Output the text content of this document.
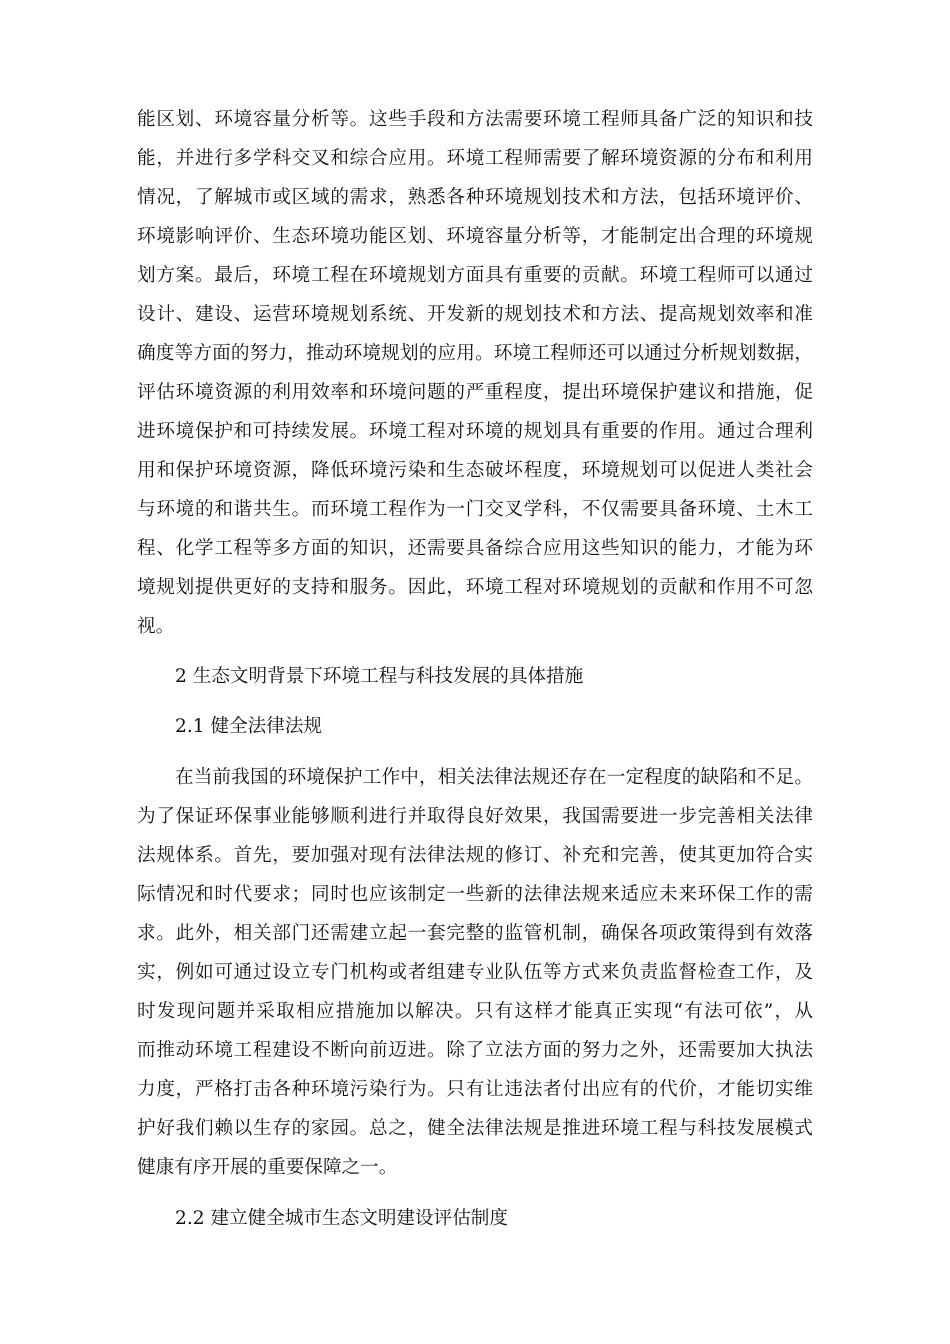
能区划、环境容量分析等。这些手段和方法需要环境工程师具备广泛的知识和技
能，并进行多学科交叉和综合应用。环境工程师需要了解环境资源的分布和利用
情况，了解城市或区域的需求，熟悉各种环境规划技术和方法，包括环境评价、
环境影响评价、生态环境功能区划、环境容量分析等，才能制定出合理的环境规
划方案。最后，环境工程在环境规划方面具有重要的贡献。环境工程师可以通过
设计、建设、运营环境规划系统、开发新的规划技术和方法、提高规划效率和准
确度等方面的努力，推动环境规划的应用。环境工程师还可以通过分析规划数据，
评估环境资源的利用效率和环境问题的严重程度，提出环境保护建议和措施，促
进环境保护和可持续发展。环境工程对环境的规划具有重要的作用。通过合理利
用和保护环境资源，降低环境污染和生态破坏程度，环境规划可以促进人类社会
与环境的和谐共生。而环境工程作为一门交叉学科，不仅需要具备环境、土木工
程、化学工程等多方面的知识，还需要具备综合应用这些知识的能力，才能为环
境规划提供更好的支持和服务。因此，环境工程对环境规划的贡献和作用不可忽
视。
2 生态文明背景下环境工程与科技发展的具体措施
2.1 健全法律法规
在当前我国的环境保护工作中，相关法律法规还存在一定程度的缺陷和不足。
为了保证环保事业能够顺利进行并取得良好效果，我国需要进一步完善相关法律
法规体系。首先，要加强对现有法律法规的修订、补充和完善，使其更加符合实
际情况和时代要求；同时也应该制定一些新的法律法规来适应未来环保工作的需
求。此外，相关部门还需建立起一套完整的监管机制，确保各项政策得到有效落
实，例如可通过设立专门机构或者组建专业队伍等方式来负责监督检查工作，及
时发现问题并采取相应措施加以解决。只有这样才能真正实现“有法可依”，从
而推动环境工程建设不断向前迈进。除了立法方面的努力之外，还需要加大执法
力度，严格打击各种环境污染行为。只有让违法者付出应有的代价，才能切实维
护好我们赖以生存的家园。总之，健全法律法规是推进环境工程与科技发展模式
健康有序开展的重要保障之一。
2.2 建立健全城市生态文明建设评估制度
